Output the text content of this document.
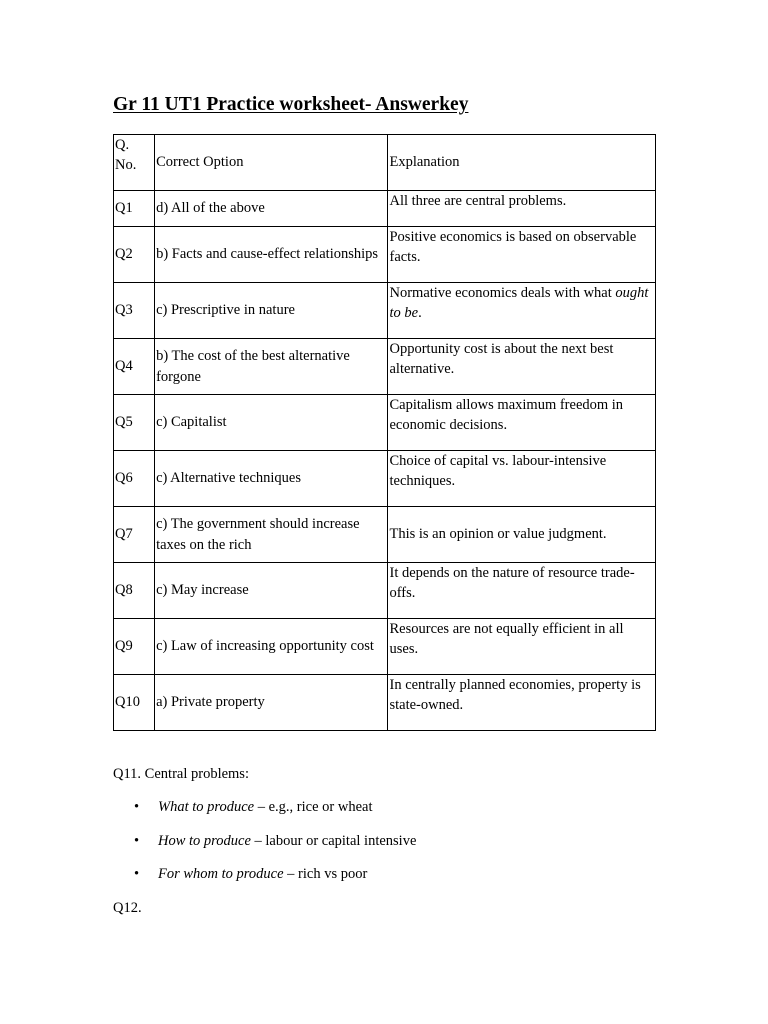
Gr 11 UT1 Practice worksheet- Answerkey
Q. No.	Correct Option	Explanation
Q1	d) All of the above	All three are central problems.
Q2	b) Facts and cause-effect relationships	Positive economics is based on observable facts.
Q3	c) Prescriptive in nature	Normative economics deals with what ought to be.
Q4	b) The cost of the best alternative forgone	Opportunity cost is about the next best alternative.
Q5	c) Capitalist	Capitalism allows maximum freedom in economic decisions.
Q6	c) Alternative techniques	Choice of capital vs. labour-intensive techniques.
Q7	c) The government should increase taxes on the rich	This is an opinion or value judgment.
Q8	c) May increase	It depends on the nature of resource trade-offs.
Q9	c) Law of increasing opportunity cost	Resources are not equally efficient in all uses.
Q10	a) Private property	In centrally planned economies, property is state-owned.

Q11. Central problems:

• What to produce – e.g., rice or wheat
• How to produce – labour or capital intensive
• For whom to produce – rich vs poor

Q12.
